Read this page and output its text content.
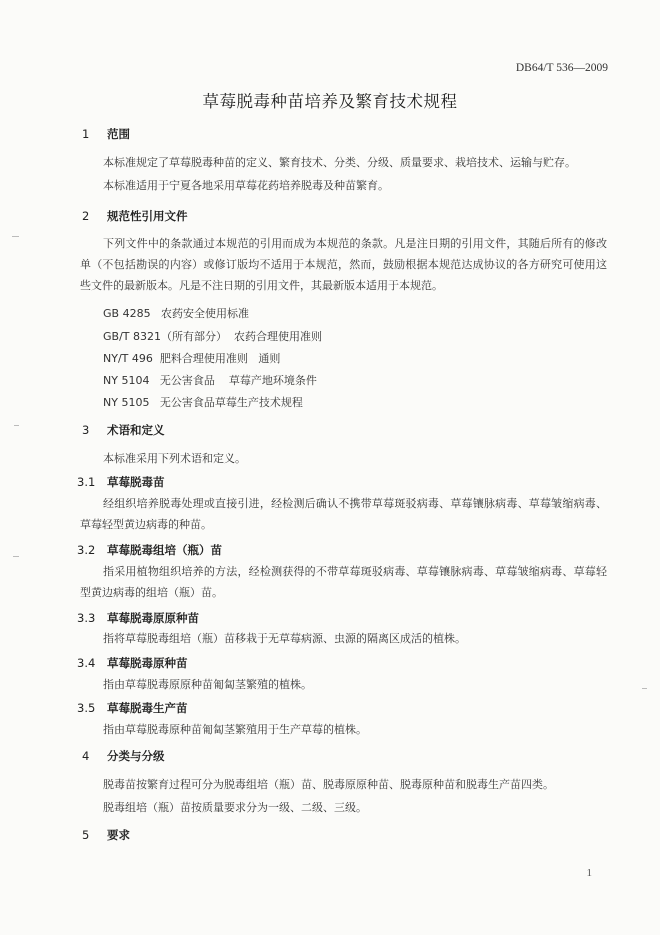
DB64/T 536—2009
草莓脱毒种苗培养及繁育技术规程
1	范围

本标准规定了草莓脱毒种苗的定义、繁育技术、分类、分级、质量要求、栽培技术、运输与贮存。

本标准适用于宁夏各地采用草莓花药培养脱毒及种苗繁育。

2	规范性引用文件

下列文件中的条款通过本规范的引用而成为本规范的条款。凡是注日期的引用文件，其随后所有的修改单（不包括勘误的内容）或修订版均不适用于本规范，然而，鼓励根据本规范达成协议的各方研究可使用这些文件的最新版本。凡是不注日期的引用文件，其最新版本适用于本规范。

GB 4285   农药安全使用标准
GB/T 8321（所有部分）  农药合理使用准则
NY/T 496  肥料合理使用准则   通则
NY 5104   无公害食品    草莓产地环境条件
NY 5105   无公害食品草莓生产技术规程
3	术语和定义

本标准采用下列术语和定义。

3.1	草莓脱毒苗

经组织培养脱毒处理或直接引进，经检测后确认不携带草莓斑驳病毒、草莓镶脉病毒、草莓皱缩病毒、草莓轻型黄边病毒的种苗。

3.2	草莓脱毒组培（瓶）苗

指采用植物组织培养的方法，经检测获得的不带草莓斑驳病毒、草莓镶脉病毒、草莓皱缩病毒、草莓轻型黄边病毒的组培（瓶）苗。

3.3	草莓脱毒原原种苗

指将草莓脱毒组培（瓶）苗移栽于无草莓病源、虫源的隔离区成活的植株。

3.4	草莓脱毒原种苗

指由草莓脱毒原原种苗匍匐茎繁殖的植株。

3.5	草莓脱毒生产苗

指由草莓脱毒原种苗匍匐茎繁殖用于生产草莓的植株。

4	分类与分级

脱毒苗按繁育过程可分为脱毒组培（瓶）苗、脱毒原原种苗、脱毒原种苗和脱毒生产苗四类。

脱毒组培（瓶）苗按质量要求分为一级、二级、三级。

5	要求
1
